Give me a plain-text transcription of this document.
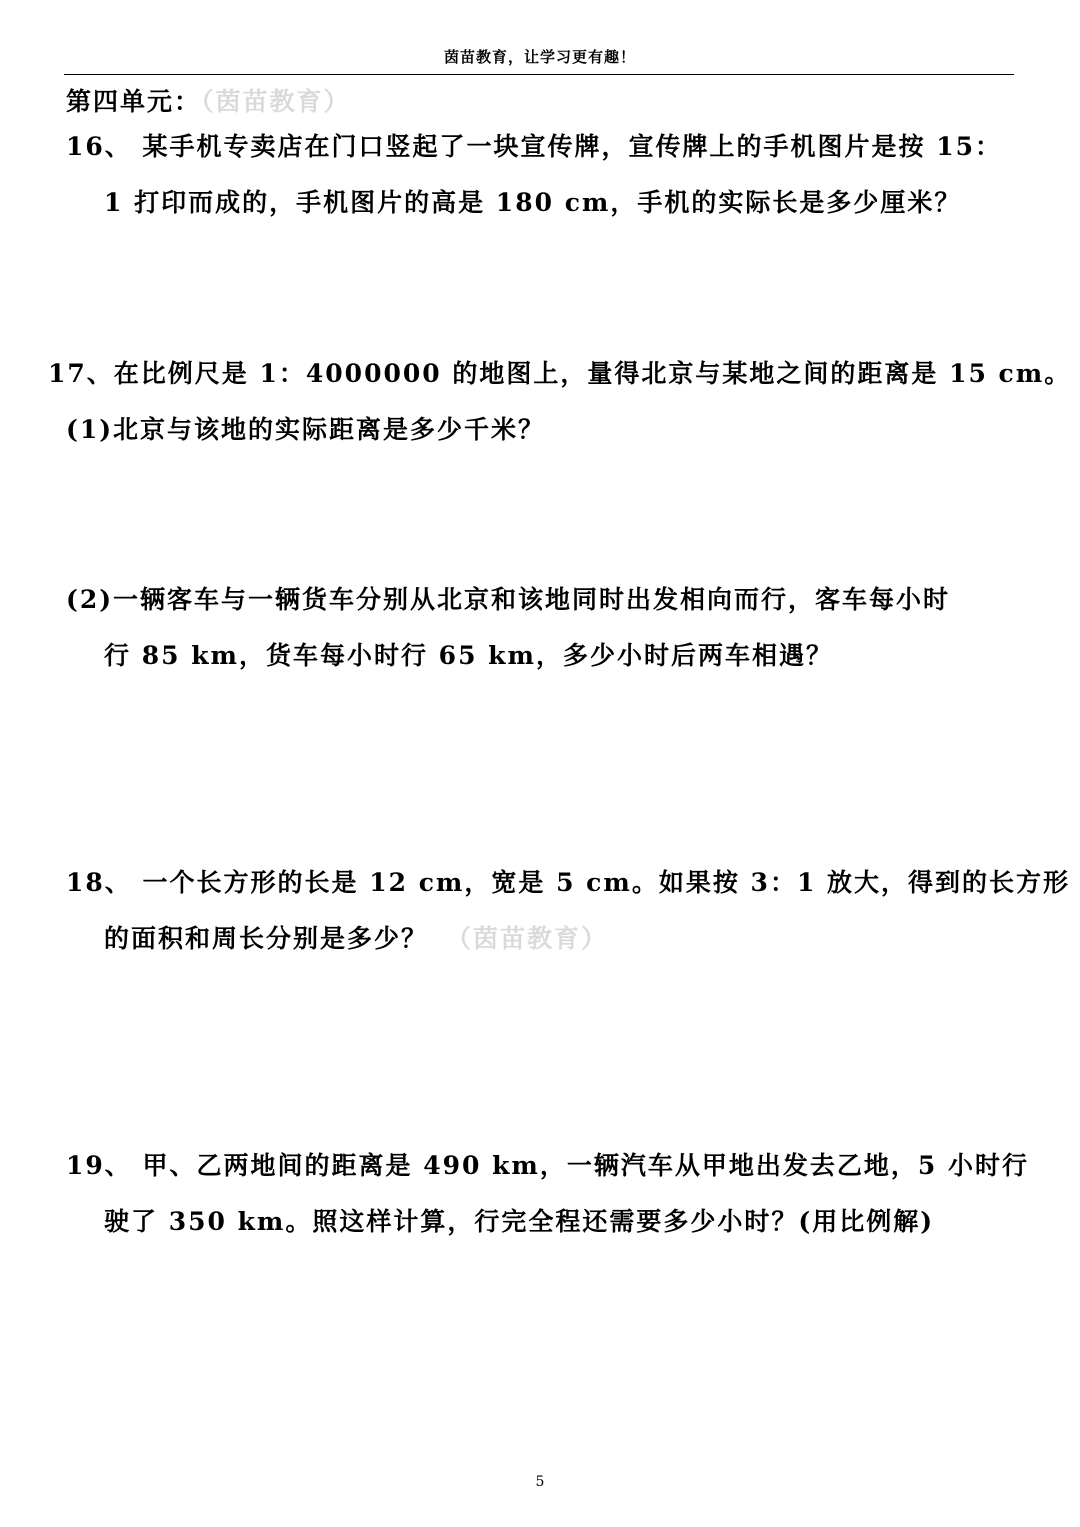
茵苗教育，让学习更有趣！
第四单元：（茵苗教育）
16、 某手机专卖店在门口竖起了一块宣传牌，宣传牌上的手机图片是按 15：
1 打印而成的，手机图片的高是 180 cm，手机的实际长是多少厘米？
17、在比例尺是 1：4000000 的地图上，量得北京与某地之间的距离是 15 cm。
(1)北京与该地的实际距离是多少千米？
(2)一辆客车与一辆货车分别从北京和该地同时出发相向而行，客车每小时
行 85 km，货车每小时行 65 km，多少小时后两车相遇？
18、 一个长方形的长是 12 cm，宽是 5 cm。如果按 3：1 放大，得到的长方形
的面积和周长分别是多少？ （茵苗教育）
19、 甲、乙两地间的距离是 490 km，一辆汽车从甲地出发去乙地，5 小时行
驶了 350 km。照这样计算，行完全程还需要多少小时？(用比例解)
5
